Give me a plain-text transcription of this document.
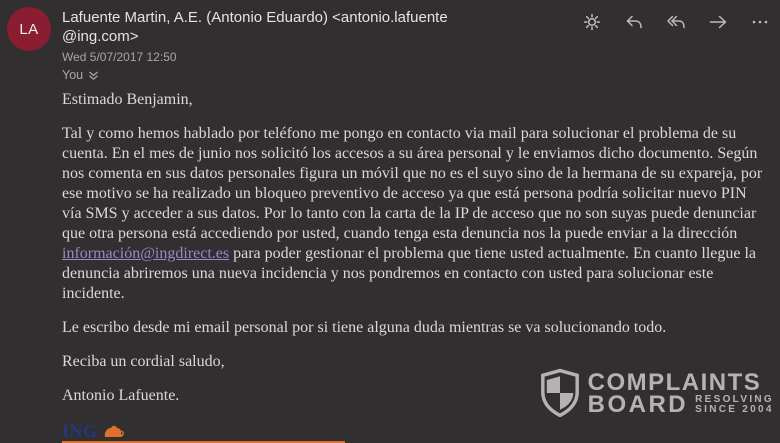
LA
Lafuente Martin, A.E. (Antonio Eduardo) <antonio.lafuente
@ing.com>
Wed 5/07/2017 12:50
You

Estimado Benjamin,

Tal y como hemos hablado por teléfono me pongo en contacto via mail para solucionar el problema de su cuenta. En el mes de junio nos solicitó los accesos a su área personal y le enviamos dicho documento. Según nos comenta en sus datos personales figura un móvil que no es el suyo sino de la hermana de su expareja, por ese motivo se ha realizado un bloqueo preventivo de acceso ya que está persona podría solicitar nuevo PIN vía SMS y acceder a sus datos. Por lo tanto con la carta de la IP de acceso que no son suyas puede denunciar que otra persona está accediendo por usted, cuando tenga esta denuncia nos la puede enviar a la dirección información@ingdirect.es para poder gestionar el problema que tiene usted actualmente. En cuanto llegue la denuncia abriremos una nueva incidencia y nos pondremos en contacto con usted para solucionar este incidente.

Le escribo desde mi email personal por si tiene alguna duda mientras se va solucionando todo.

Reciba un cordial saludo,

Antonio Lafuente.

ING
COMPLAINTS
BOARD RESOLVING
SINCE 2004
